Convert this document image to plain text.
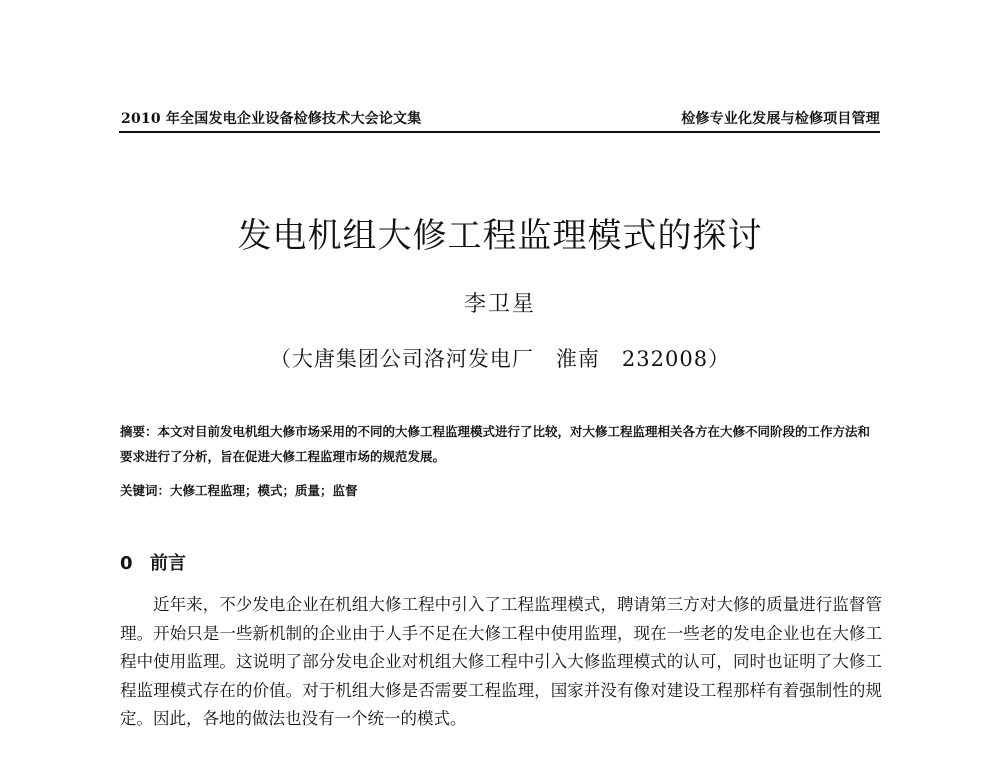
2010 年全国发电企业设备检修技术大会论文集	检修专业化发展与检修项目管理
发电机组大修工程监理模式的探讨
李卫星
（大唐集团公司洛河发电厂　淮南　232008）
摘要：本文对目前发电机组大修市场采用的不同的大修工程监理模式进行了比较，对大修工程监理相关各方在大修不同阶段的工作方法和要求进行了分析，旨在促进大修工程监理市场的规范发展。
关键词：大修工程监理；模式；质量；监督
0 前言
近年来，不少发电企业在机组大修工程中引入了工程监理模式，聘请第三方对大修的质量进行监督管理。开始只是一些新机制的企业由于人手不足在大修工程中使用监理，现在一些老的发电企业也在大修工程中使用监理。这说明了部分发电企业对机组大修工程中引入大修监理模式的认可，同时也证明了大修工程监理模式存在的价值。对于机组大修是否需要工程监理，国家并没有像对建设工程那样有着强制性的规定。因此，各地的做法也没有一个统一的模式。
